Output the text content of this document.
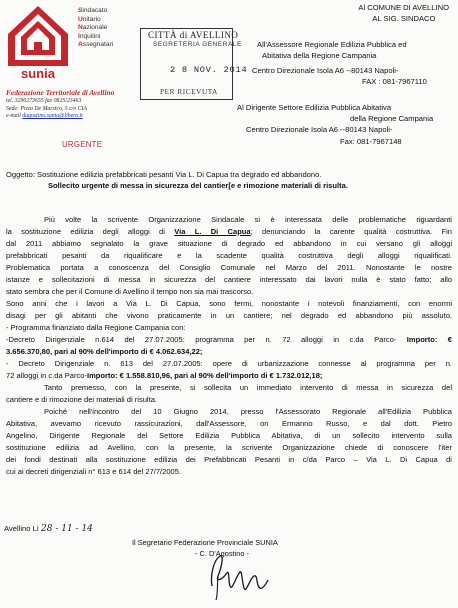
sunia
Sindacato
Unitario
Nazionale
Inquilini
Assegnatari
Federazione Territoriale di Avellino
tel. 3290273655 fax 0825/23463
Sede: Pizza De Marsico, 5 c/o CIA
e-mail dagostino.sunia@libero.it
URGENTE
CITTÀ di AVELLINO
SEGRETERIA GENERALE
2 8 NOV. 2014
PER RICEVUTA
Al COMUNE DI AVELLINO
AL SIG. SINDACO
All'Assessore Regionale Edilizia Pubblica ed
Abitativa della Regione Campania
Centro Direzionale Isola A6 --80143 Napoli-
FAX : 081-7967110
Al Dirigente Settore Edilizia Pubblica Abitativa
della Regione Campania
Centro Direzionale Isola A6 --80143 Napoli-
Fax: 081-7967148
Oggetto: Sostituzione edilizia prefabbricati pesanti Via L. Di Capua tra degrado ed abbandono.
Sollecito urgente di messa in sicurezza del cantier[e e rimozione materiali di risulta.
Più volte la scrivente Organizzazione Sindacale si è interessata delle problematiche riguardanti
la sostituzione edilizia degli alloggi di Via L. Di Capua; denunciando la carente qualità costruttiva. Fin
dal 2011 abbiamo segnalato la grave situazione di degrado ed abbandono in cui versano gli alloggi
prefabbricati pesanti da riqualificare e la scadente qualità costruttiva degli alloggi riqualificati.
Problematica portata a conoscenza del Consiglio Comunale nel Marzo del 2011. Nonostante le nostre
istanze e sollecitazioni di messa in sicurezza del cantiere interessato dai lavori nulla è stato fatto; allo
stato sembra che per il Comune di Avellino il tempo non sia mai trascorso.
Sono anni che i lavori a Via L. Di Capua, sono fermi, nonostante i notevoli finanziamenti, con enormi
disagi per gli abitanti che vivono praticamente in un cantiere; nel degrado ed abbandono più assoluto.
- Programma finanziato dalla Regione Campania con:
-Decreto Dirigenziale n.614 del 27.07.2005: programma per n. 72 alloggi in c.da Parco- Importo: €
3.656.370,80, pari al 90% dell'importo di € 4.062.634,22;
- Decreto Dirigenziale n. 613 del 27.07.2005: opere di urbanizzazione connesse al programma per n.
72 alloggi in c.da Parco-Importo: € 1.558.810,96, pari al 90% dell'importo di € 1.732.012,18;
Tanto premesso, con la presente, si sollecita un immediato intervento di messa in sicurezza del
cantiere e di rimozione dei materiali di risulta.
Poiché nell'incontro del 10 Giugno 2014, presso l'Assessorato Regionale all'Edilizia Pubblica
Abitativa, avevamo ricevuto rassicurazioni, dall'Assessore, on Ermanno Russo, e dal dott. Pietro
Angelino, Dirigente Regionale del Settore Edilizia Pubblica Abitativa, di un sollecito intervento sulla
sostituzione edilizia ad Avellino, con la presente, la scrivente Organizzazione chiede di conoscere l'iter
dei fondi destinati alla sostituzione edilizia dei Prefabbricati Pesanti in c/da Parco – Via L. Di Capua di
cui ai decreti dirigenziali n° 613 e 614 del 27/7/2005.
Avellino Lì 28 - 11 - 14
Il Segretario Federazione Provinciale SUNIA
- C. D'Agostino -
